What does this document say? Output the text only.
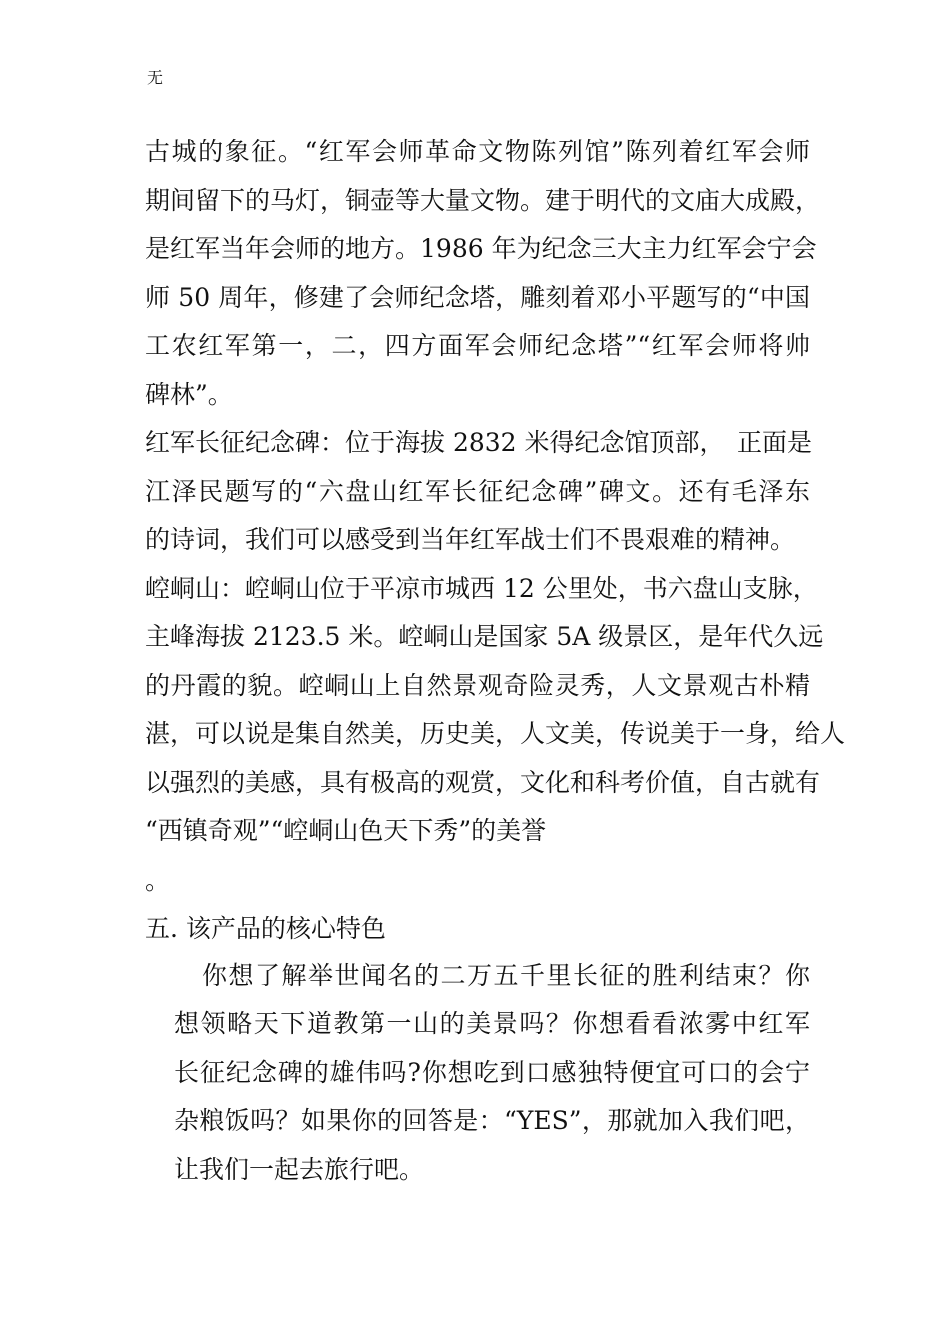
无
古城的象征。“红军会师革命文物陈列馆”陈列着红军会师
期间留下的马灯，铜壶等大量文物。建于明代的文庙大成殿，
是红军当年会师的地方。1986 年为纪念三大主力红军会宁会
师 50 周年，修建了会师纪念塔，雕刻着邓小平题写的“中国
工农红军第一，二，四方面军会师纪念塔”“红军会师将帅
碑林”。
红军长征纪念碑：位于海拔 2832 米得纪念馆顶部，　正面是
江泽民题写的“六盘山红军长征纪念碑”碑文。还有毛泽东
的诗词，我们可以感受到当年红军战士们不畏艰难的精神。
崆峒山：崆峒山位于平凉市城西 12 公里处，书六盘山支脉，
主峰海拔 2123.5 米。崆峒山是国家 5A 级景区，是年代久远
的丹霞的貌。崆峒山上自然景观奇险灵秀，人文景观古朴精
湛，可以说是集自然美，历史美，人文美，传说美于一身，给人
以强烈的美感，具有极高的观赏，文化和科考价值，自古就有
“西镇奇观”“崆峒山色天下秀”的美誉
。
五. 该产品的核心特色
你想了解举世闻名的二万五千里长征的胜利结束？你
想领略天下道教第一山的美景吗？你想看看浓雾中红军
长征纪念碑的雄伟吗?你想吃到口感独特便宜可口的会宁
杂粮饭吗？如果你的回答是：“YES”，那就加入我们吧，
让我们一起去旅行吧。
